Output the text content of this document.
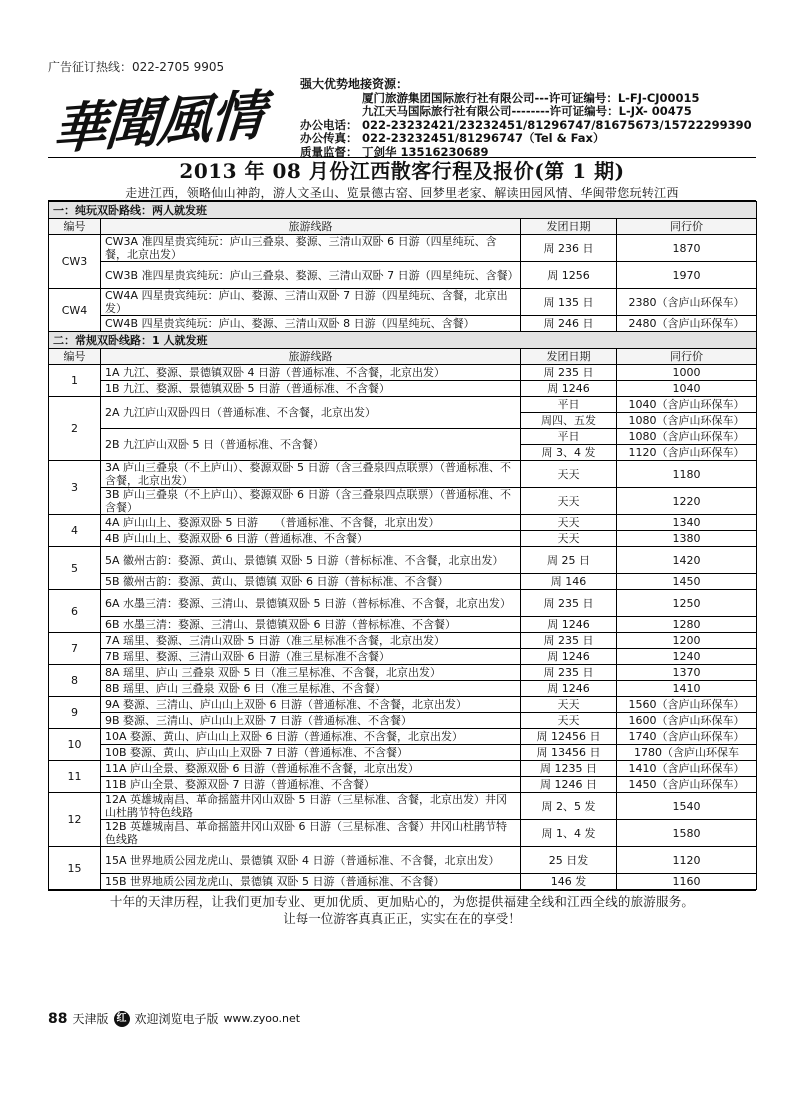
广告征订热线：022-2705 9905
華聞風情	强大优势地接资源：
厦门旅游集团国际旅行社有限公司---许可证编号：L-FJ-CJ00015
九江天马国际旅行社有限公司--------许可证编号：L-JX- 00475
办公电话： 022-23232421/23232451/81296747/81675673/15722299390
办公传真： 022-23232451/81296747（Tel & Fax）
质量监督： 丁剑华 13516230689
2013 年 08 月份江西散客行程及报价(第 1 期)
走进江西，领略仙山神韵，游人文圣山、览景德古窑、回梦里老家、解读田园风情、华闽带您玩转江西
一：纯玩双卧路线：两人就发班			
编号	旅游线路	发团日期	同行价
CW3	CW3A 准四星贵宾纯玩：庐山三叠泉、婺源、三清山双卧 6 日游（四星纯玩、含餐，北京出发）	周 236 日	1870
	CW3B 准四星贵宾纯玩：庐山三叠泉、婺源、三清山双卧 7 日游（四星纯玩、含餐）	周 1256	1970
CW4	CW4A 四星贵宾纯玩：庐山、婺源、三清山双卧 7 日游（四星纯玩、含餐，北京出发）	周 135 日	2380（含庐山环保车）
	CW4B 四星贵宾纯玩：庐山、婺源、三清山双卧 8 日游（四星纯玩、含餐）	周 246 日	2480（含庐山环保车）
二：常规双卧线路：1 人就发班			
编号	旅游线路	发团日期	同行价
1	1A 九江、婺源、景德镇双卧 4 日游（普通标准、不含餐，北京出发）	周 235 日	1000
	1B 九江、婺源、景德镇双卧 5 日游（普通标准、不含餐）	周 1246	1040
2	2A 九江庐山双卧四日（普通标准、不含餐，北京出发）	平日	1040（含庐山环保车）
		周四、五发	1080（含庐山环保车）
	2B 九江庐山双卧 5 日（普通标准、不含餐）	平日	1080（含庐山环保车）
		周 3、4 发	1120（含庐山环保车）
3	3A 庐山三叠泉（不上庐山）、婺源双卧 5 日游（含三叠泉四点联票）（普通标准、不含餐，北京出发）	天天	1180
	3B 庐山三叠泉（不上庐山）、婺源双卧 6 日游（含三叠泉四点联票）（普通标准、不含餐）	天天	1220
4	4A 庐山山上、婺源双卧 5 日游　　（普通标准、不含餐，北京出发）	天天	1340
	4B 庐山山上、婺源双卧 6 日游（普通标准、不含餐）	天天	1380
5	5A 徽州古韵：婺源、黄山、景德镇 双卧 5 日游（普标标准、不含餐，北京出发）	周 25 日	1420
	5B 徽州古韵：婺源、黄山、景德镇 双卧 6 日游（普标标准、不含餐）	周 146	1450
6	6A 水墨三清：婺源、三清山、景德镇双卧 5 日游（普标标准、不含餐，北京出发）	周 235 日	1250
	6B 水墨三清：婺源、三清山、景德镇双卧 6 日游（普标标准、不含餐）	周 1246	1280
7	7A 瑶里、婺源、三清山双卧 5 日游（准三星标准不含餐，北京出发）	周 235 日	1200
	7B 瑶里、婺源、三清山双卧 6 日游（准三星标准不含餐）	周 1246	1240
8	8A 瑶里、庐山 三叠泉 双卧 5 日（准三星标准、不含餐，北京出发）	周 235 日	1370
	8B 瑶里、庐山 三叠泉 双卧 6 日（准三星标准、不含餐）	周 1246	1410
9	9A 婺源、三清山、庐山山上双卧 6 日游（普通标准、不含餐，北京出发）	天天	1560（含庐山环保车）
	9B 婺源、三清山、庐山山上双卧 7 日游（普通标准、不含餐）	天天	1600（含庐山环保车）
10	10A 婺源、黄山、庐山山上双卧 6 日游（普通标准、不含餐，北京出发）	周 12456 日	1740（含庐山环保车）
	10B 婺源、黄山、庐山山上双卧 7 日游（普通标准、不含餐）	周 13456 日	1780（含庐山环保车
11	11A 庐山全景、婺源双卧 6 日游（普通标准不含餐，北京出发）	周 1235 日	1410（含庐山环保车）
	11B 庐山全景、婺源双卧 7 日游（普通标准、不含餐）	周 1246 日	1450（含庐山环保车）
12	12A 英雄城南昌、革命摇篮井冈山双卧 5 日游（三星标准、含餐，北京出发）井冈山杜鹃节特色线路	周 2、5 发	1540
	12B 英雄城南昌、革命摇篮井冈山双卧 6 日游（三星标准、含餐）井冈山杜鹃节特色线路	周 1、4 发	1580
15	15A 世界地质公园龙虎山、景德镇 双卧 4 日游（普通标准、不含餐，北京出发）	25 日发	1120
	15B 世界地质公园龙虎山、景德镇 双卧 5 日游（普通标准、不含餐）	146 发	1160
十年的天津历程，让我们更加专业、更加优质、更加贴心的，为您提供福建全线和江西全线的旅游服务。
让每一位游客真真正正，实实在在的享受！
88 天津版 红 欢迎浏览电子版 www.zyoo.net
